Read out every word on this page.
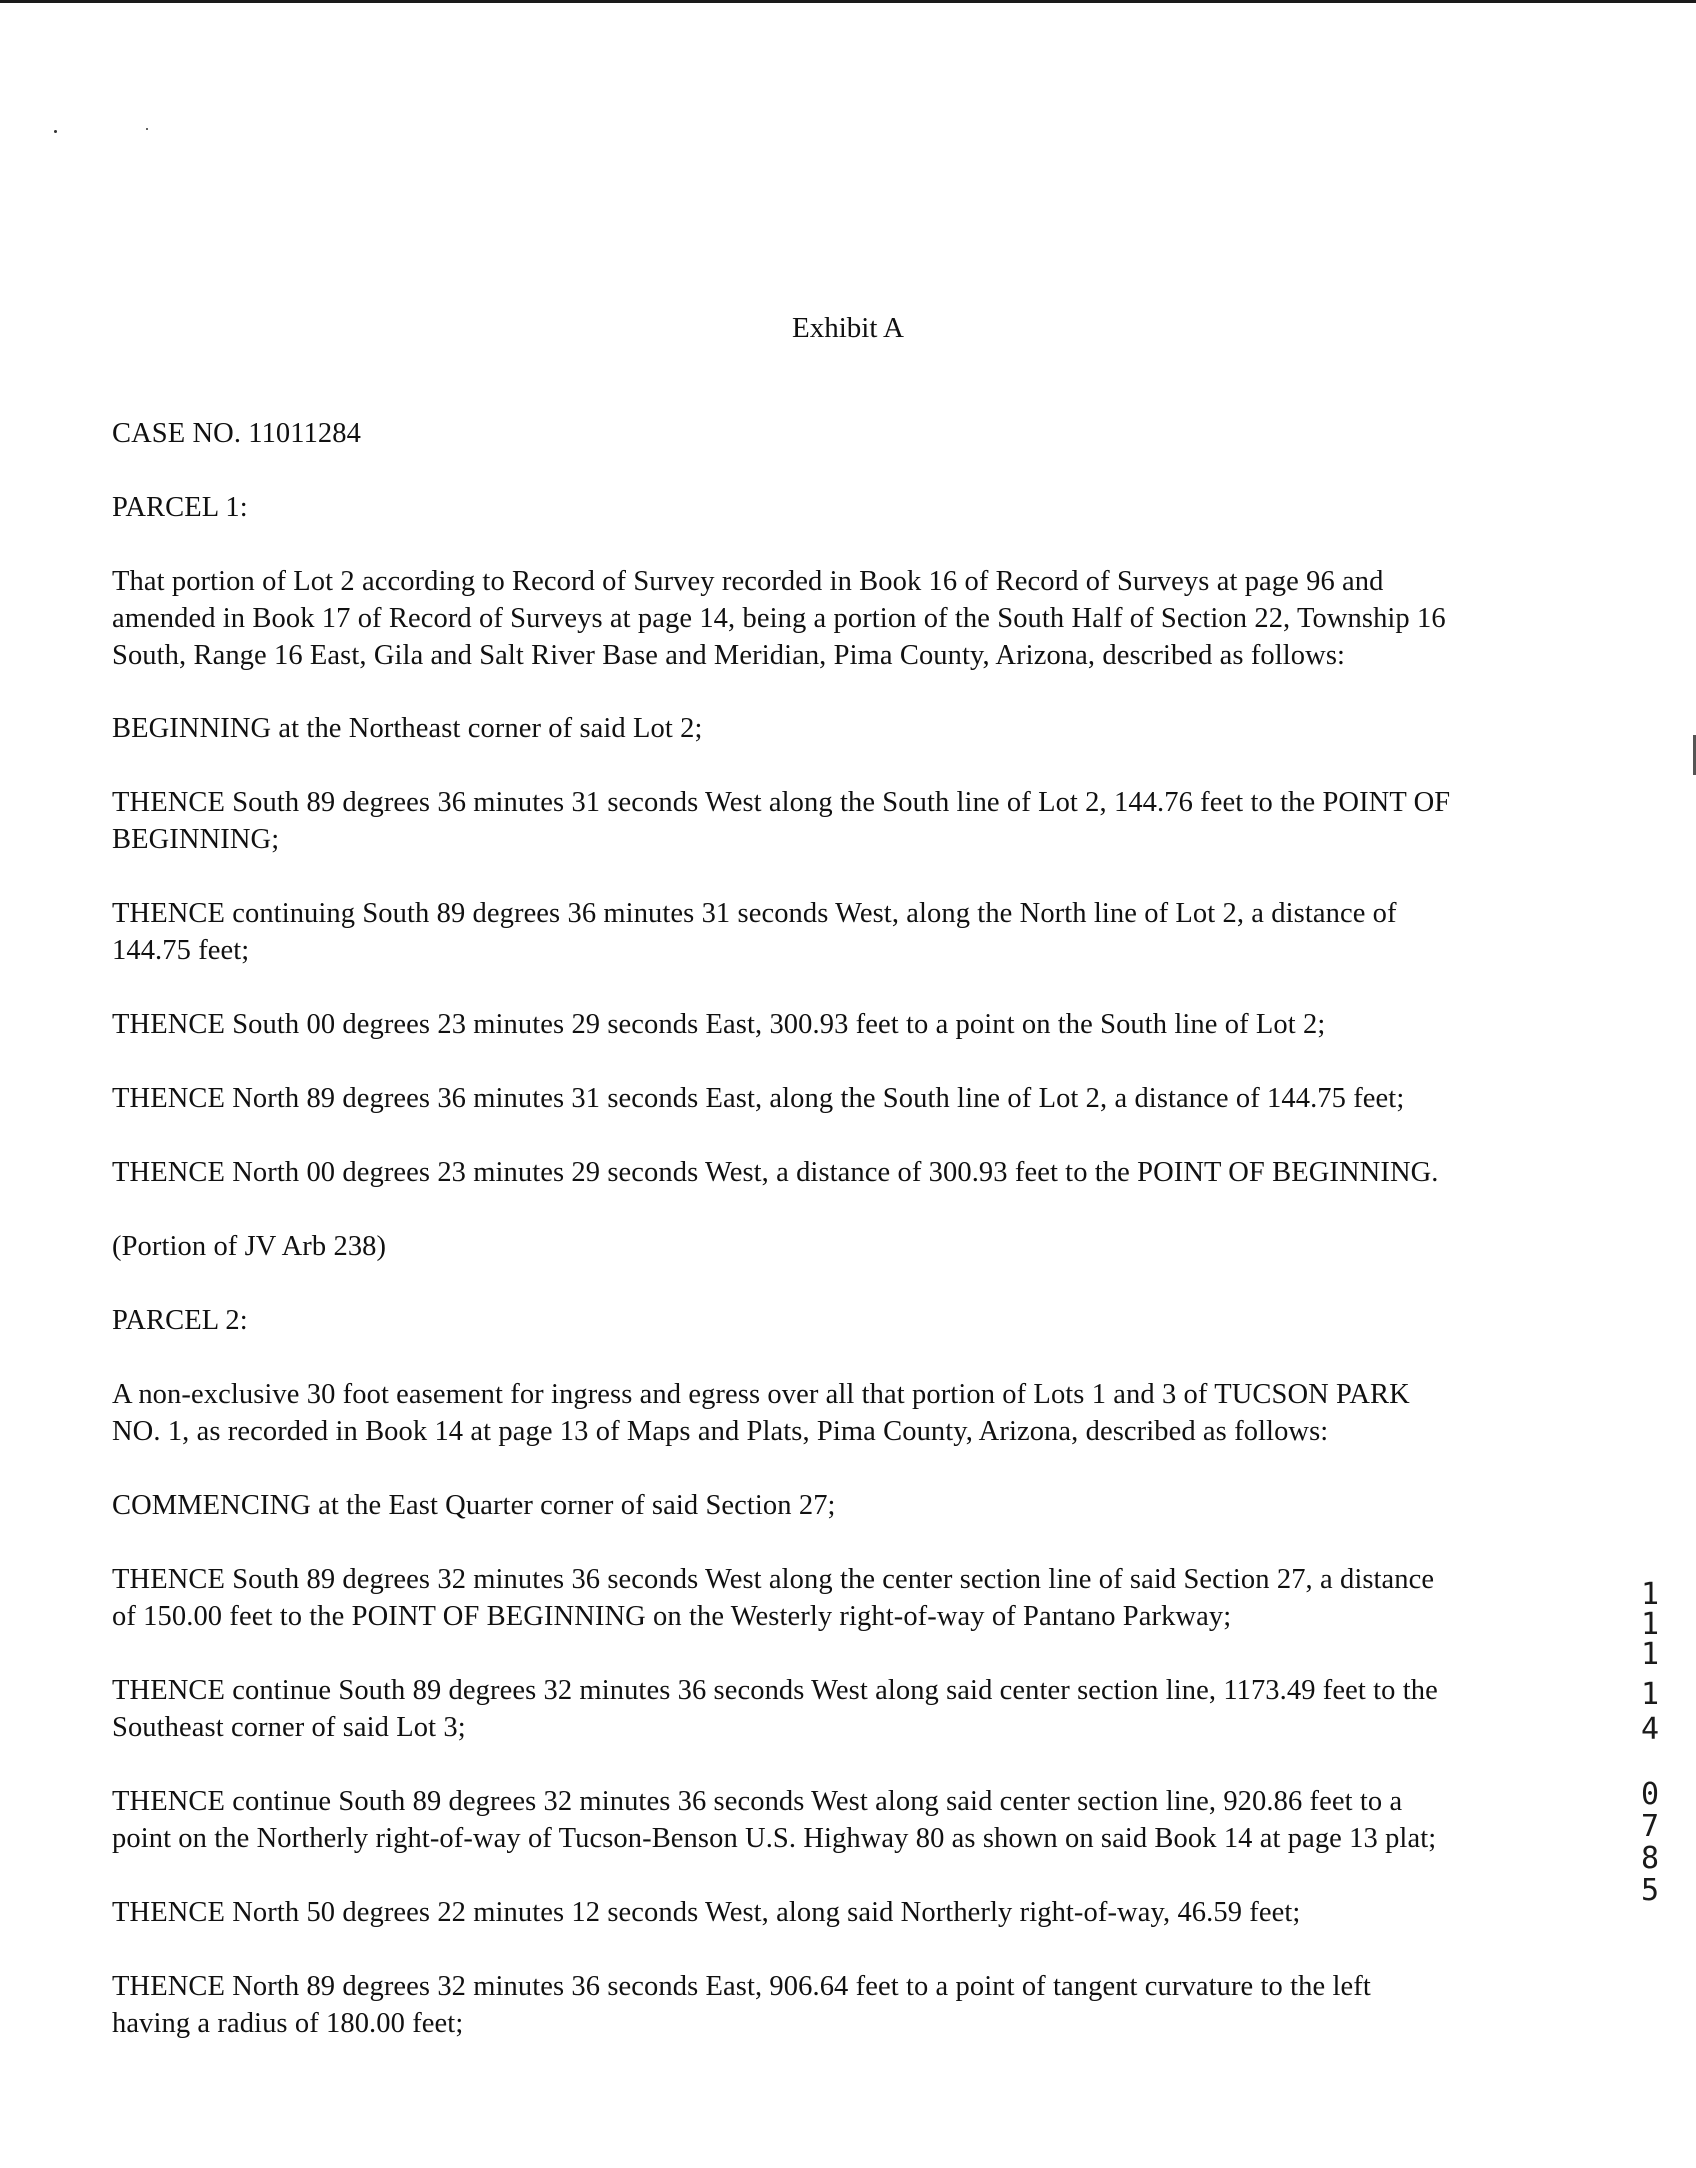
Exhibit A
CASE NO. 11011284
PARCEL 1:
That portion of Lot 2 according to Record of Survey recorded in Book 16 of Record of Surveys at page 96 and
amended in Book 17 of Record of Surveys at page 14, being a portion of the South Half of Section 22, Township 16
South, Range 16 East, Gila and Salt River Base and Meridian, Pima County, Arizona, described as follows:
BEGINNING at the Northeast corner of said Lot 2;
THENCE South 89 degrees 36 minutes 31 seconds West along the South line of Lot 2, 144.76 feet to the POINT OF
BEGINNING;
THENCE continuing South 89 degrees 36 minutes 31 seconds West, along the North line of Lot 2, a distance of
144.75 feet;
THENCE South 00 degrees 23 minutes 29 seconds East, 300.93 feet to a point on the South line of Lot 2;
THENCE North 89 degrees 36 minutes 31 seconds East, along the South line of Lot 2, a distance of 144.75 feet;
THENCE North 00 degrees 23 minutes 29 seconds West, a distance of 300.93 feet to the POINT OF BEGINNING.
(Portion of JV Arb 238)
PARCEL 2:
A non-exclusive 30 foot easement for ingress and egress over all that portion of Lots 1 and 3 of TUCSON PARK
NO. 1, as recorded in Book 14 at page 13 of Maps and Plats, Pima County, Arizona, described as follows:
COMMENCING at the East Quarter corner of said Section 27;
THENCE South 89 degrees 32 minutes 36 seconds West along the center section line of said Section 27, a distance
of 150.00 feet to the POINT OF BEGINNING on the Westerly right-of-way of Pantano Parkway;
THENCE continue South 89 degrees 32 minutes 36 seconds West along said center section line, 1173.49 feet to the
Southeast corner of said Lot 3;
THENCE continue South 89 degrees 32 minutes 36 seconds West along said center section line, 920.86 feet to a
point on the Northerly right-of-way of Tucson-Benson U.S. Highway 80 as shown on said Book 14 at page 13 plat;
THENCE North 50 degrees 22 minutes 12 seconds West, along said Northerly right-of-way, 46.59 feet;
THENCE North 89 degrees 32 minutes 36 seconds East, 906.64 feet to a point of tangent curvature to the left
having a radius of 180.00 feet;
1
1
1
1
4
0
7
8
5
